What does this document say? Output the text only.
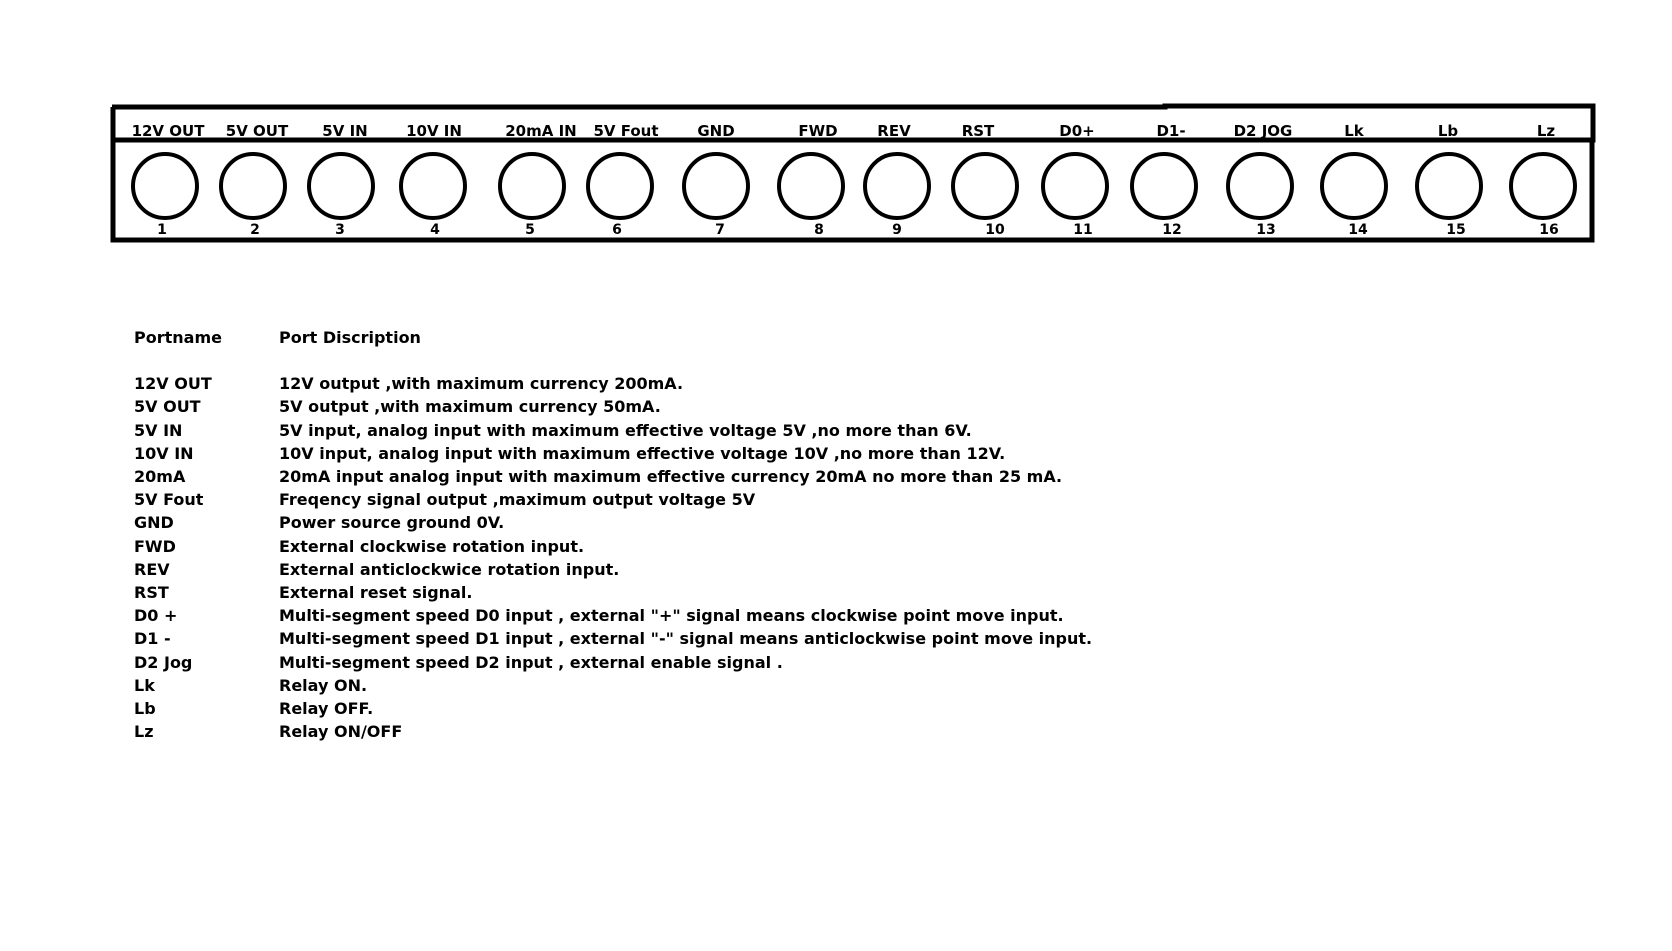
12V OUT
1
5V OUT
2
5V IN
3
10V IN
4
20mA IN
5
5V Fout
6
GND
7
FWD
8
REV
9
RST
10
D0+
11
D1-
12
D2 JOG
13
Lk
14
Lb
15
Lz
16
Portname	Port Discription
12V OUT	12V output ,with maximum currency 200mA.
5V OUT	5V output ,with maximum currency 50mA.
5V IN	5V input, analog input with maximum effective voltage 5V ,no more than 6V.
10V IN	10V input, analog input with maximum effective voltage 10V ,no more than 12V.
20mA	20mA input analog input with maximum effective currency 20mA no more than 25 mA.
5V Fout	Freqency signal output ,maximum output voltage 5V
GND	Power source ground 0V.
FWD	External clockwise rotation input.
REV	External anticlockwice rotation input.
RST	External reset signal.
D0 +	Multi-segment speed D0 input , external "+" signal means clockwise point move input.
D1 -	Multi-segment speed D1 input , external "-" signal means anticlockwise point move input.
D2 Jog	Multi-segment speed D2 input , external enable signal .
Lk	Relay ON.
Lb	Relay OFF.
Lz	Relay ON/OFF
